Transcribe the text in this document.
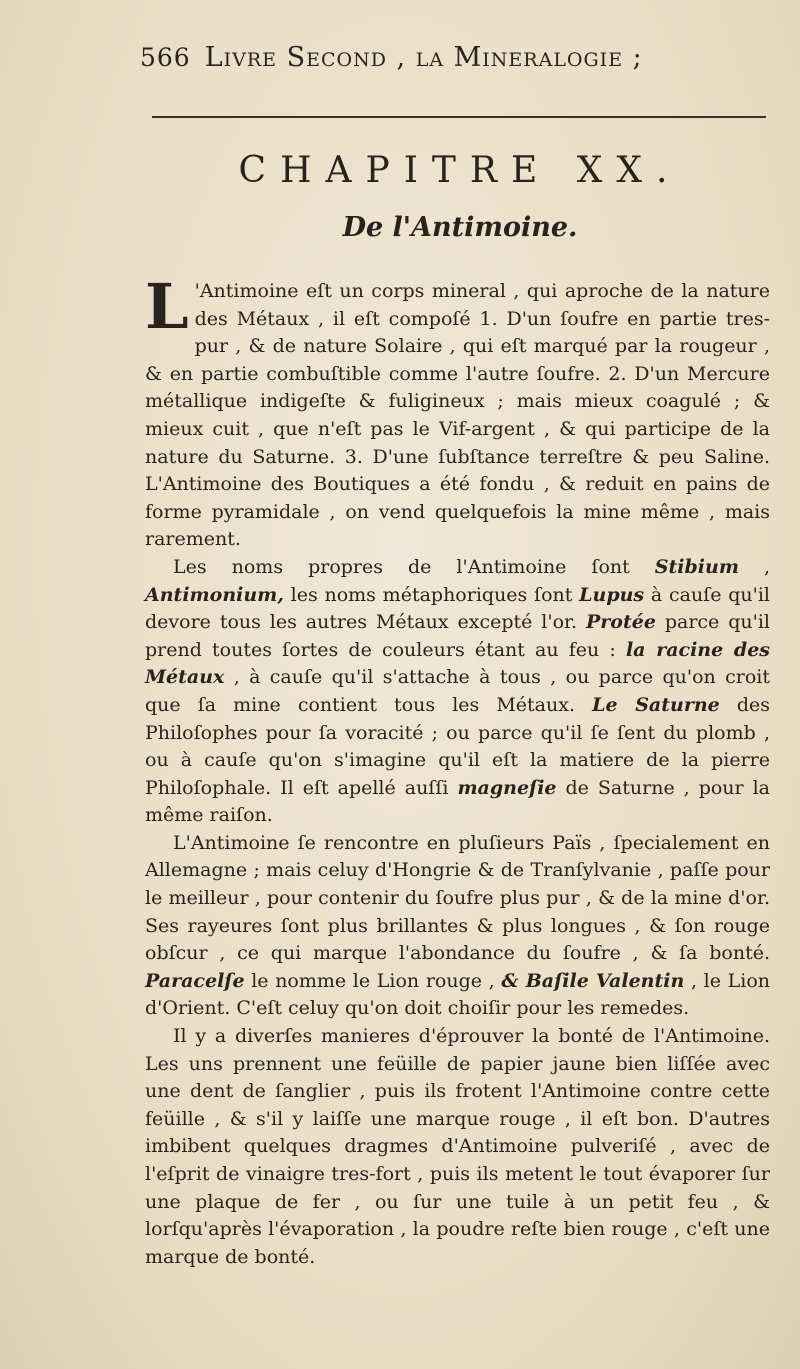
566 Livre Second , la Mineralogie ;
CHAPITRE XX.
De l'Antimoine.

L 'Antimoine eſt un corps mineral , qui aproche de la nature des Métaux , il eſt compoſé 1. D'un ſoufre en partie tres-pur , & de nature Solaire , qui eſt marqué par la rougeur , & en partie combuſtible comme l'autre ſoufre. 2. D'un Mercure métallique indigeſte & fuligineux ; mais mieux coagulé ; & mieux cuit , que n'eſt pas le Vif-argent , & qui participe de la nature du Saturne. 3. D'une ſubſtance terreſtre & peu Saline. L'Antimoine des Boutiques a été fondu , & reduit en pains de forme pyramidale , on vend quelquefois la mine même , mais rarement.

Les noms propres de l'Antimoine ſont Stibium , Antimonium, les noms métaphoriques ſont Lupus à cauſe qu'il devore tous les autres Métaux excepté l'or. Protée parce qu'il prend toutes ſortes de couleurs étant au feu : la racine des Métaux , à cauſe qu'il s'attache à tous , ou parce qu'on croit que ſa mine contient tous les Métaux. Le Saturne des Philoſophes pour ſa voracité ; ou parce qu'il ſe ſent du plomb , ou à cauſe qu'on s'imagine qu'il eſt la matiere de la pierre Philoſophale. Il eſt apellé auſſi magneſie de Saturne , pour la même raiſon.

L'Antimoine ſe rencontre en pluſieurs Païs , ſpecialement en Allemagne ; mais celuy d'Hongrie & de Tranſylvanie , paſſe pour le meilleur , pour contenir du ſoufre plus pur , & de la mine d'or. Ses rayeures ſont plus brillantes & plus longues , & ſon rouge obſcur , ce qui marque l'abondance du ſoufre , & ſa bonté. Paracelſe le nomme le Lion rouge , & Baſile Valentin , le Lion d'Orient. C'eſt celuy qu'on doit choiſir pour les remedes.

Il y a diverſes manieres d'éprouver la bonté de l'Antimoine. Les uns prennent une feüille de papier jaune bien liſſée avec une dent de ſanglier , puis ils frotent l'Antimoine contre cette feüille , & s'il y laiſſe une marque rouge , il eſt bon. D'autres imbibent quelques dragmes d'Antimoine pulveriſé , avec de l'eſprit de vinaigre tres-fort , puis ils metent le tout évaporer ſur une plaque de fer , ou ſur une tuile à un petit feu , & lorſqu'après l'évaporation , la poudre reſte bien rouge , c'eſt une marque de bonté.
